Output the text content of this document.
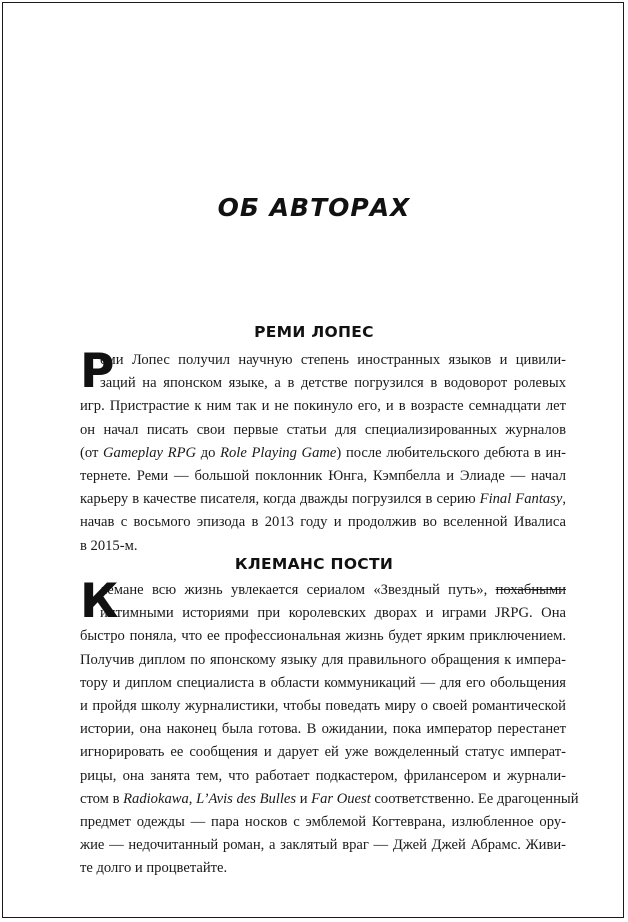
ОБ АВТОРАХ
РЕМИ ЛОПЕС
Р
еми Лопес получил научную степень иностранных языков и цивили-
заций на японском языке, а в детстве погрузился в водоворот ролевых
игр. Пристрастие к ним так и не покинуло его, и в возрасте семнадцати лет
он начал писать свои первые статьи для специализированных журналов
(от Gameplay RPG до Role Playing Game) после любительского дебюта в ин-
тернете. Реми — большой поклонник Юнга, Кэмпбелла и Элиаде — начал
карьеру в качестве писателя, когда дважды погрузился в серию Final Fantasy,
начав с восьмого эпизода в 2013 году и продолжив во вселенной Ивалиса
в 2015-м.
КЛЕМАНС ПОСТИ
К
лемане всю жизнь увлекается сериалом «Звездный путь», похабными
интимными историями при королевских дворах и играми JRPG. Она
быстро поняла, что ее профессиональная жизнь будет ярким приключением.
Получив диплом по японскому языку для правильного обращения к импера-
тору и диплом специалиста в области коммуникаций — для его обольщения
и пройдя школу журналистики, чтобы поведать миру о своей романтической
истории, она наконец была готова. В ожидании, пока император перестанет
игнорировать ее сообщения и дарует ей уже вожделенный статус императ-
рицы, она занята тем, что работает подкастером, фрилансером и журнали-
стом в Radiokawa, L’Avis des Bulles и Far Ouest соответственно. Ее драгоценный
предмет одежды — пара носков с эмблемой Когтеврана, излюбленное ору-
жие — недочитанный роман, а заклятый враг — Джей Джей Абрамс. Живи-
те долго и процветайте.
